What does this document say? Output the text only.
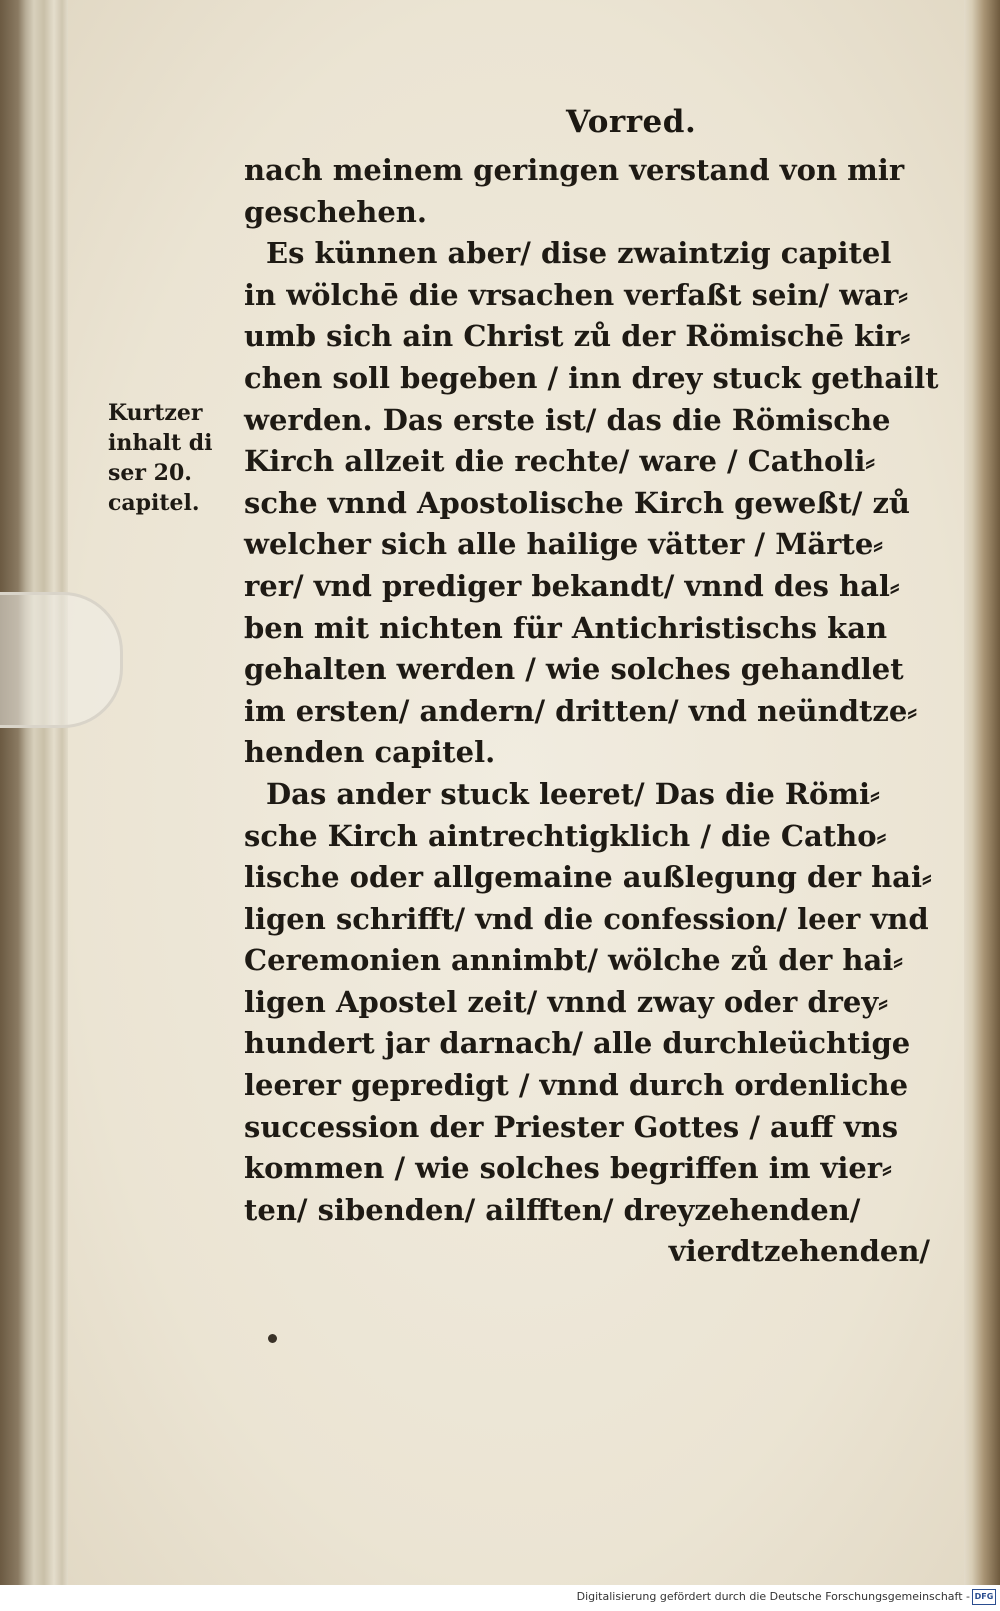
Vorred.
Kurtzer
inhalt di
ser 20.
capitel.
nach meinem geringen verstand von mir
geschehen.
Es künnen aber/ dise zwaintzig capitel
in wölchē die vrsachen verfaßt sein/ war⸗
umb sich ain Christ zů der Römischē kir⸗
chen soll begeben / inn drey stuck gethailt
werden. Das erste ist/ das die Römische
Kirch allzeit die rechte/ ware / Catholi⸗
sche vnnd Apostolische Kirch geweßt/ zů
welcher sich alle hailige vätter / Märte⸗
rer/ vnd prediger bekandt/ vnnd des hal⸗
ben mit nichten für Antichristischs kan
gehalten werden / wie solches gehandlet
im ersten/ andern/ dritten/ vnd neündtze⸗
henden capitel.
Das ander stuck leeret/ Das die Römi⸗
sche Kirch aintrechtigklich / die Catho⸗
lische oder allgemaine außlegung der hai⸗
ligen schrifft/ vnd die confession/ leer vnd
Ceremonien annimbt/ wölche zů der hai⸗
ligen Apostel zeit/ vnnd zway oder drey⸗
hundert jar darnach/ alle durchleüchtige
leerer gepredigt / vnnd durch ordenliche
succession der Priester Gottes / auff vns
kommen / wie solches begriffen im vier⸗
ten/ sibenden/ ailfften/ dreyzehenden/
vierdtzehenden/
Digitalisierung gefördert durch die Deutsche Forschungsgemeinschaft - DFG
